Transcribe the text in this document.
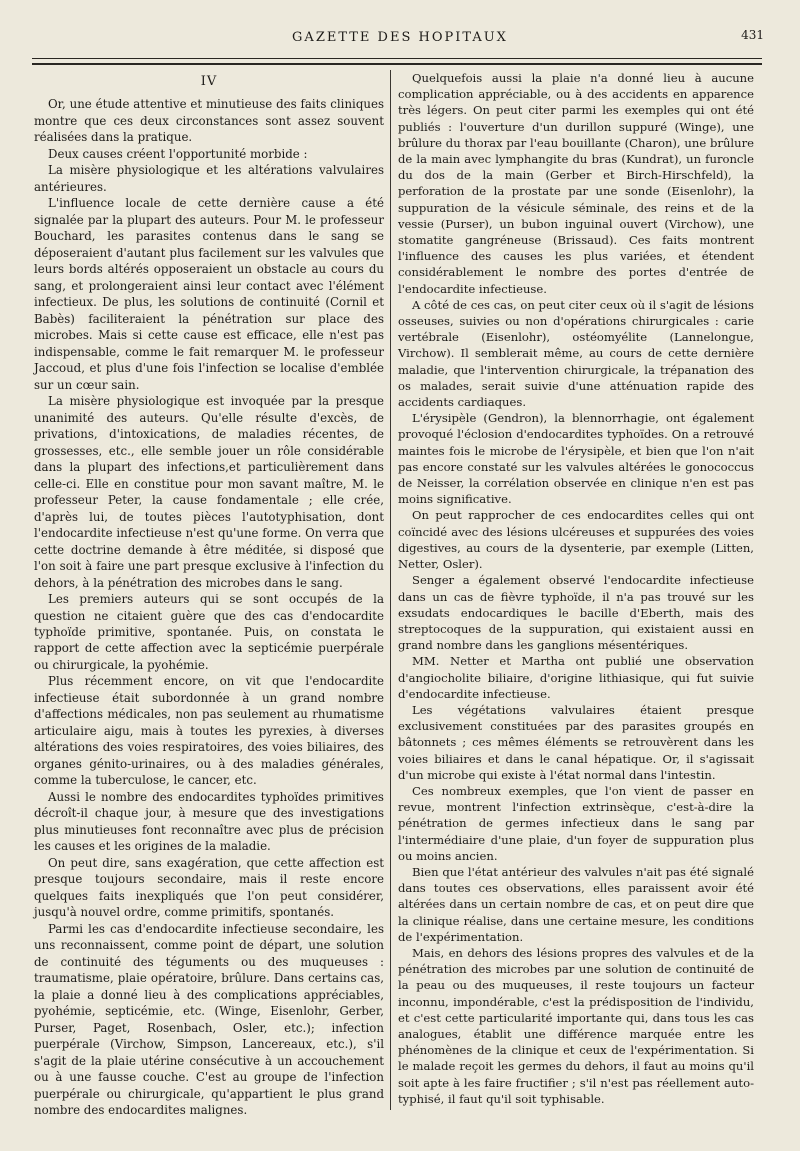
GAZETTE DES HOPITAUX	431
IV

Or, une étude attentive et minutieuse des faits cliniques montre que ces deux circonstances sont assez souvent réalisées dans la pratique.

Deux causes créent l'opportunité morbide :

La misère physiologique et les altérations valvulaires antérieures.

L'influence locale de cette dernière cause a été signalée par la plupart des auteurs. Pour M. le professeur Bouchard, les parasites contenus dans le sang se déposeraient d'autant plus facilement sur les valvules que leurs bords altérés opposeraient un obstacle au cours du sang, et prolongeraient ainsi leur contact avec l'élément infectieux. De plus, les solutions de continuité (Cornil et Babès) faciliteraient la pénétration sur place des microbes. Mais si cette cause est efficace, elle n'est pas indispensable, comme le fait remarquer M. le professeur Jaccoud, et plus d'une fois l'infection se localise d'emblée sur un cœur sain.

La misère physiologique est invoquée par la presque unanimité des auteurs. Qu'elle résulte d'excès, de privations, d'intoxications, de maladies récentes, de grossesses, etc., elle semble jouer un rôle considérable dans la plupart des infections,et particulièrement dans celle-ci. Elle en constitue pour mon savant maître, M. le professeur Peter, la cause fondamentale ; elle crée, d'après lui, de toutes pièces l'autotyphisation, dont l'endocardite infectieuse n'est qu'une forme. On verra que cette doctrine demande à être méditée, si disposé que l'on soit à faire une part presque exclusive à l'infection du dehors, à la pénétration des microbes dans le sang.

Les premiers auteurs qui se sont occupés de la question ne citaient guère que des cas d'endocardite typhoïde primitive, spontanée. Puis, on constata le rapport de cette affection avec la septicémie puerpérale ou chirurgicale, la pyohémie.

Plus récemment encore, on vit que l'endocardite infectieuse était subordonnée à un grand nombre d'affections médicales, non pas seulement au rhumatisme articulaire aigu, mais à toutes les pyrexies, à diverses altérations des voies respiratoires, des voies biliaires, des organes génito-urinaires, ou à des maladies générales, comme la tuberculose, le cancer, etc.

Aussi le nombre des endocardites typhoïdes primitives décroît-il chaque jour, à mesure que des investigations plus minutieuses font reconnaître avec plus de précision les causes et les origines de la maladie.

On peut dire, sans exagération, que cette affection est presque toujours secondaire, mais il reste encore quelques faits inexpliqués que l'on peut considérer, jusqu'à nouvel ordre, comme primitifs, spontanés.

Parmi les cas d'endocardite infectieuse secondaire, les uns reconnaissent, comme point de départ, une solution de continuité des téguments ou des muqueuses : traumatisme, plaie opératoire, brûlure. Dans certains cas, la plaie a donné lieu à des complications appréciables, pyohémie, septicémie, etc. (Winge, Eisenlohr, Gerber, Purser, Paget, Rosenbach, Osler, etc.); infection puerpérale (Virchow, Simpson, Lancereaux, etc.), s'il s'agit de la plaie utérine consécutive à un accouchement ou à une fausse couche. C'est au groupe de l'infection puerpérale ou chirurgicale, qu'appartient le plus grand nombre des endocardites malignes.

Quelquefois aussi la plaie n'a donné lieu à aucune complication appréciable, ou à des accidents en apparence très légers. On peut citer parmi les exemples qui ont été publiés : l'ouverture d'un durillon suppuré (Winge), une brûlure du thorax par l'eau bouillante (Charon), une brûlure de la main avec lymphangite du bras (Kundrat), un furoncle du dos de la main (Gerber et Birch-Hirschfeld), la perforation de la prostate par une sonde (Eisenlohr), la suppuration de la vésicule séminale, des reins et de la vessie (Purser), un bubon inguinal ouvert (Virchow), une stomatite gangréneuse (Brissaud). Ces faits montrent l'influence des causes les plus variées, et étendent considérablement le nombre des portes d'entrée de l'endocardite infectieuse.

A côté de ces cas, on peut citer ceux où il s'agit de lésions osseuses, suivies ou non d'opérations chirurgicales : carie vertébrale (Eisenlohr), ostéomyélite (Lannelongue, Virchow). Il semblerait même, au cours de cette dernière maladie, que l'intervention chirurgicale, la trépanation des os malades, serait suivie d'une atténuation rapide des accidents cardiaques.

L'érysipèle (Gendron), la blennorrhagie, ont également provoqué l'éclosion d'endocardites typhoïdes. On a retrouvé maintes fois le microbe de l'érysipèle, et bien que l'on n'ait pas encore constaté sur les valvules altérées le gonococcus de Neisser, la corrélation observée en clinique n'en est pas moins significative.

On peut rapprocher de ces endocardites celles qui ont coïncidé avec des lésions ulcéreuses et suppurées des voies digestives, au cours de la dysenterie, par exemple (Litten, Netter, Osler).

Senger a également observé l'endocardite infectieuse dans un cas de fièvre typhoïde, il n'a pas trouvé sur les exsudats endocardiques le bacille d'Eberth, mais des streptocoques de la suppuration, qui existaient aussi en grand nombre dans les ganglions mésentériques.

MM. Netter et Martha ont publié une observation d'angiocholite biliaire, d'origine lithiasique, qui fut suivie d'endocardite infectieuse.

Les végétations valvulaires étaient presque exclusivement constituées par des parasites groupés en bâtonnets ; ces mêmes éléments se retrouvèrent dans les voies biliaires et dans le canal hépatique. Or, il s'agissait d'un microbe qui existe à l'état normal dans l'intestin.

Ces nombreux exemples, que l'on vient de passer en revue, montrent l'infection extrinsèque, c'est-à-dire la pénétration de germes infectieux dans le sang par l'intermédiaire d'une plaie, d'un foyer de suppuration plus ou moins ancien.

Bien que l'état antérieur des valvules n'ait pas été signalé dans toutes ces observations, elles paraissent avoir été altérées dans un certain nombre de cas, et on peut dire que la clinique réalise, dans une certaine mesure, les conditions de l'expérimentation.

Mais, en dehors des lésions propres des valvules et de la pénétration des microbes par une solution de continuité de la peau ou des muqueuses, il reste toujours un facteur inconnu, impondérable, c'est la prédisposition de l'individu, et c'est cette particularité importante qui, dans tous les cas analogues, établit une différence marquée entre les phénomènes de la clinique et ceux de l'expérimentation. Si le malade reçoit les germes du dehors, il faut au moins qu'il soit apte à les faire fructifier ; s'il n'est pas réellement auto-typhisé, il faut qu'il soit typhisable.
